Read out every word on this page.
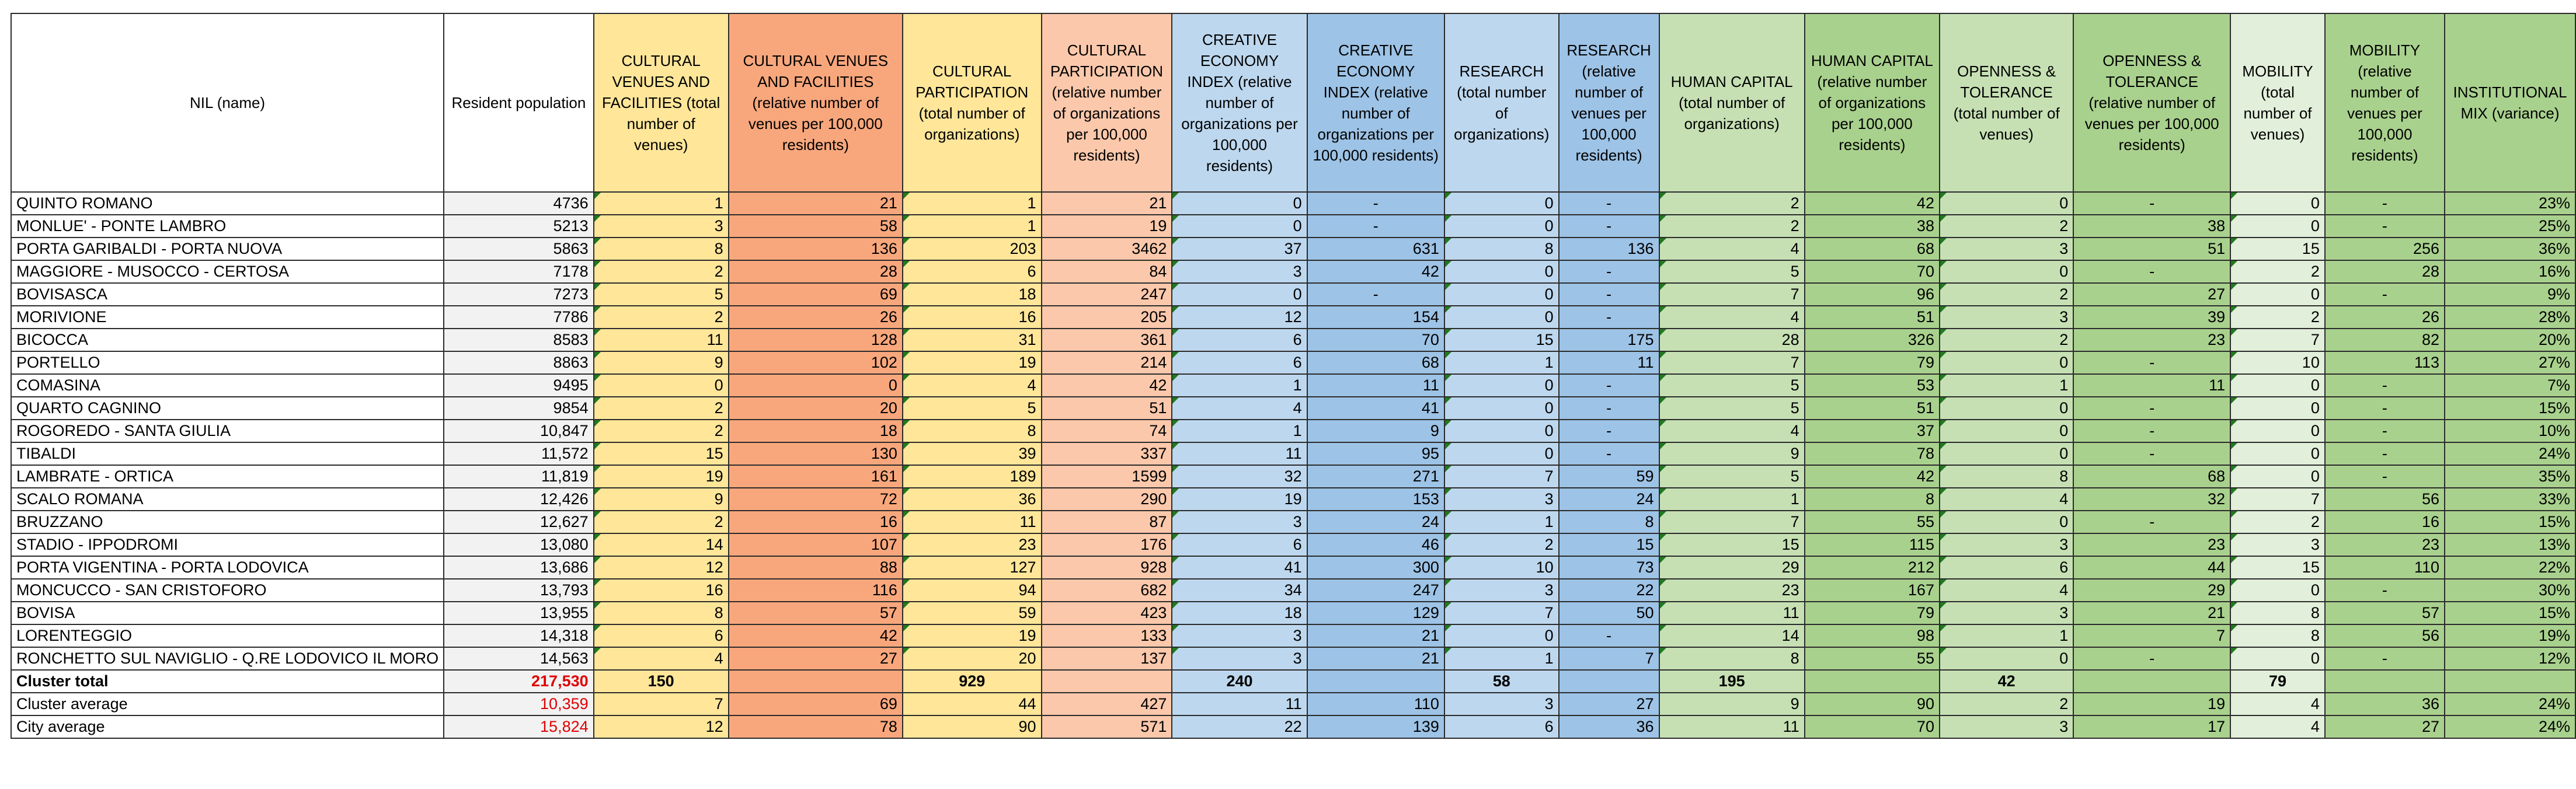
NIL (name)	Resident population	CULTURAL VENUES AND FACILITIES (total number of venues)	CULTURAL VENUES AND FACILITIES (relative number of venues per 100,000 residents)	CULTURAL PARTICIPATION (total number of organizations)	CULTURAL PARTICIPATION (relative number of organizations per 100,000 residents)	CREATIVE ECONOMY INDEX (relative number of organizations per 100,000 residents)	CREATIVE ECONOMY INDEX (relative number of organizations per 100,000 residents)	RESEARCH (total number of organizations)	RESEARCH (relative number of venues per 100,000 residents)	HUMAN CAPITAL (total number of organizations)	HUMAN CAPITAL (relative number of organizations per 100,000 residents)	OPENNESS & TOLERANCE (total number of venues)	OPENNESS & TOLERANCE (relative number of venues per 100,000 residents)	MOBILITY (total number of venues)	MOBILITY (relative number of venues per 100,000 residents)	INSTITUTIONAL MIX (variance)
QUINTO ROMANO	4736	1	21	1	21	0	-	0	-	2	42	0	-	0	-	23%
MONLUE' - PONTE LAMBRO	5213	3	58	1	19	0	-	0	-	2	38	2	38	0	-	25%
PORTA GARIBALDI - PORTA NUOVA	5863	8	136	203	3462	37	631	8	136	4	68	3	51	15	256	36%
MAGGIORE - MUSOCCO - CERTOSA	7178	2	28	6	84	3	42	0	-	5	70	0	-	2	28	16%
BOVISASCA	7273	5	69	18	247	0	-	0	-	7	96	2	27	0	-	9%
MORIVIONE	7786	2	26	16	205	12	154	0	-	4	51	3	39	2	26	28%
BICOCCA	8583	11	128	31	361	6	70	15	175	28	326	2	23	7	82	20%
PORTELLO	8863	9	102	19	214	6	68	1	11	7	79	0	-	10	113	27%
COMASINA	9495	0	0	4	42	1	11	0	-	5	53	1	11	0	-	7%
QUARTO CAGNINO	9854	2	20	5	51	4	41	0	-	5	51	0	-	0	-	15%
ROGOREDO - SANTA GIULIA	10,847	2	18	8	74	1	9	0	-	4	37	0	-	0	-	10%
TIBALDI	11,572	15	130	39	337	11	95	0	-	9	78	0	-	0	-	24%
LAMBRATE - ORTICA	11,819	19	161	189	1599	32	271	7	59	5	42	8	68	0	-	35%
SCALO ROMANA	12,426	9	72	36	290	19	153	3	24	1	8	4	32	7	56	33%
BRUZZANO	12,627	2	16	11	87	3	24	1	8	7	55	0	-	2	16	15%
STADIO - IPPODROMI	13,080	14	107	23	176	6	46	2	15	15	115	3	23	3	23	13%
PORTA VIGENTINA - PORTA LODOVICA	13,686	12	88	127	928	41	300	10	73	29	212	6	44	15	110	22%
MONCUCCO - SAN CRISTOFORO	13,793	16	116	94	682	34	247	3	22	23	167	4	29	0	-	30%
BOVISA	13,955	8	57	59	423	18	129	7	50	11	79	3	21	8	57	15%
LORENTEGGIO	14,318	6	42	19	133	3	21	0	-	14	98	1	7	8	56	19%
RONCHETTO SUL NAVIGLIO - Q.RE LODOVICO IL MORO	14,563	4	27	20	137	3	21	1	7	8	55	0	-	0	-	12%
Cluster total	217,530	150		929		240		58		195		42		79		
Cluster average	10,359	7	69	44	427	11	110	3	27	9	90	2	19	4	36	24%
City average	15,824	12	78	90	571	22	139	6	36	11	70	3	17	4	27	24%
